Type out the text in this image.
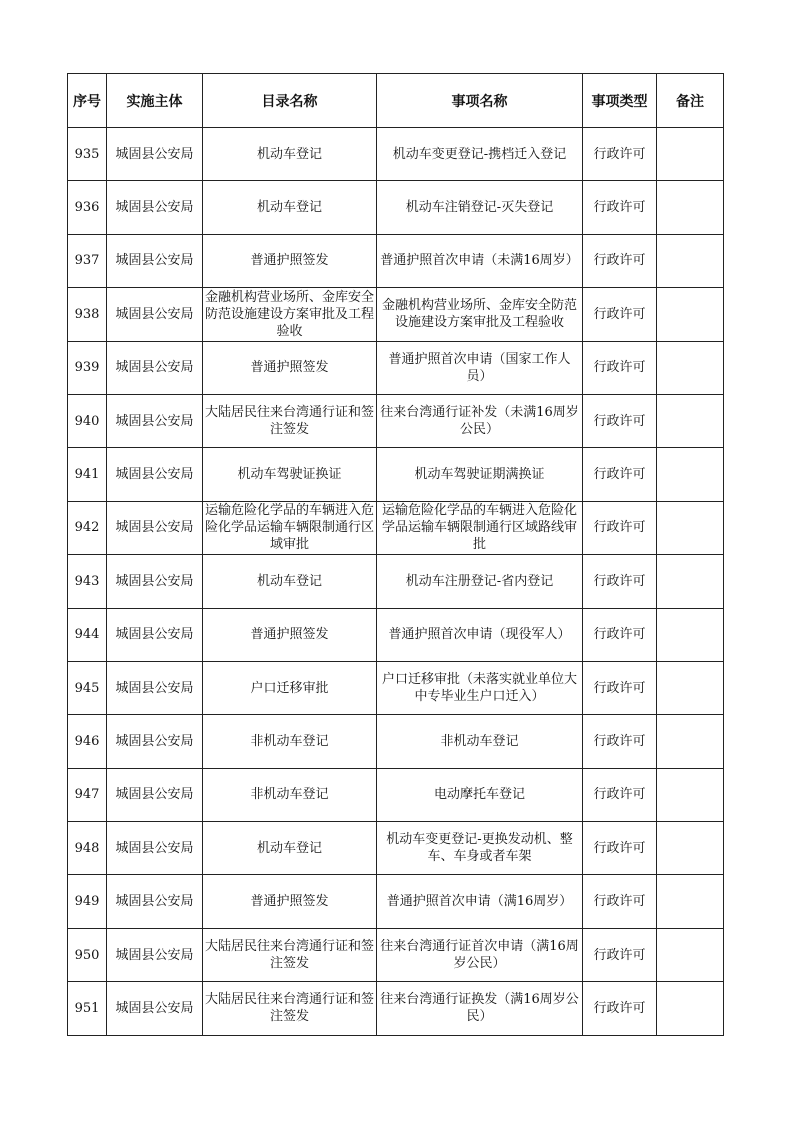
序号	实施主体	目录名称	事项名称	事项类型	备注
935	城固县公安局	机动车登记	机动车变更登记-携档迁入登记	行政许可	
936	城固县公安局	机动车登记	机动车注销登记-灭失登记	行政许可	
937	城固县公安局	普通护照签发	普通护照首次申请（未满16周岁）	行政许可	
938	城固县公安局	金融机构营业场所、金库安全防范设施建设方案审批及工程验收	金融机构营业场所、金库安全防范设施建设方案审批及工程验收	行政许可	
939	城固县公安局	普通护照签发	普通护照首次申请（国家工作人员）	行政许可	
940	城固县公安局	大陆居民往来台湾通行证和签注签发	往来台湾通行证补发（未满16周岁公民）	行政许可	
941	城固县公安局	机动车驾驶证换证	机动车驾驶证期满换证	行政许可	
942	城固县公安局	运输危险化学品的车辆进入危险化学品运输车辆限制通行区域审批	运输危险化学品的车辆进入危险化学品运输车辆限制通行区域路线审批	行政许可	
943	城固县公安局	机动车登记	机动车注册登记-省内登记	行政许可	
944	城固县公安局	普通护照签发	普通护照首次申请（现役军人）	行政许可	
945	城固县公安局	户口迁移审批	户口迁移审批（未落实就业单位大中专毕业生户口迁入）	行政许可	
946	城固县公安局	非机动车登记	非机动车登记	行政许可	
947	城固县公安局	非机动车登记	电动摩托车登记	行政许可	
948	城固县公安局	机动车登记	机动车变更登记-更换发动机、整车、车身或者车架	行政许可	
949	城固县公安局	普通护照签发	普通护照首次申请（满16周岁）	行政许可	
950	城固县公安局	大陆居民往来台湾通行证和签注签发	往来台湾通行证首次申请（满16周岁公民）	行政许可	
951	城固县公安局	大陆居民往来台湾通行证和签注签发	往来台湾通行证换发（满16周岁公民）	行政许可	
